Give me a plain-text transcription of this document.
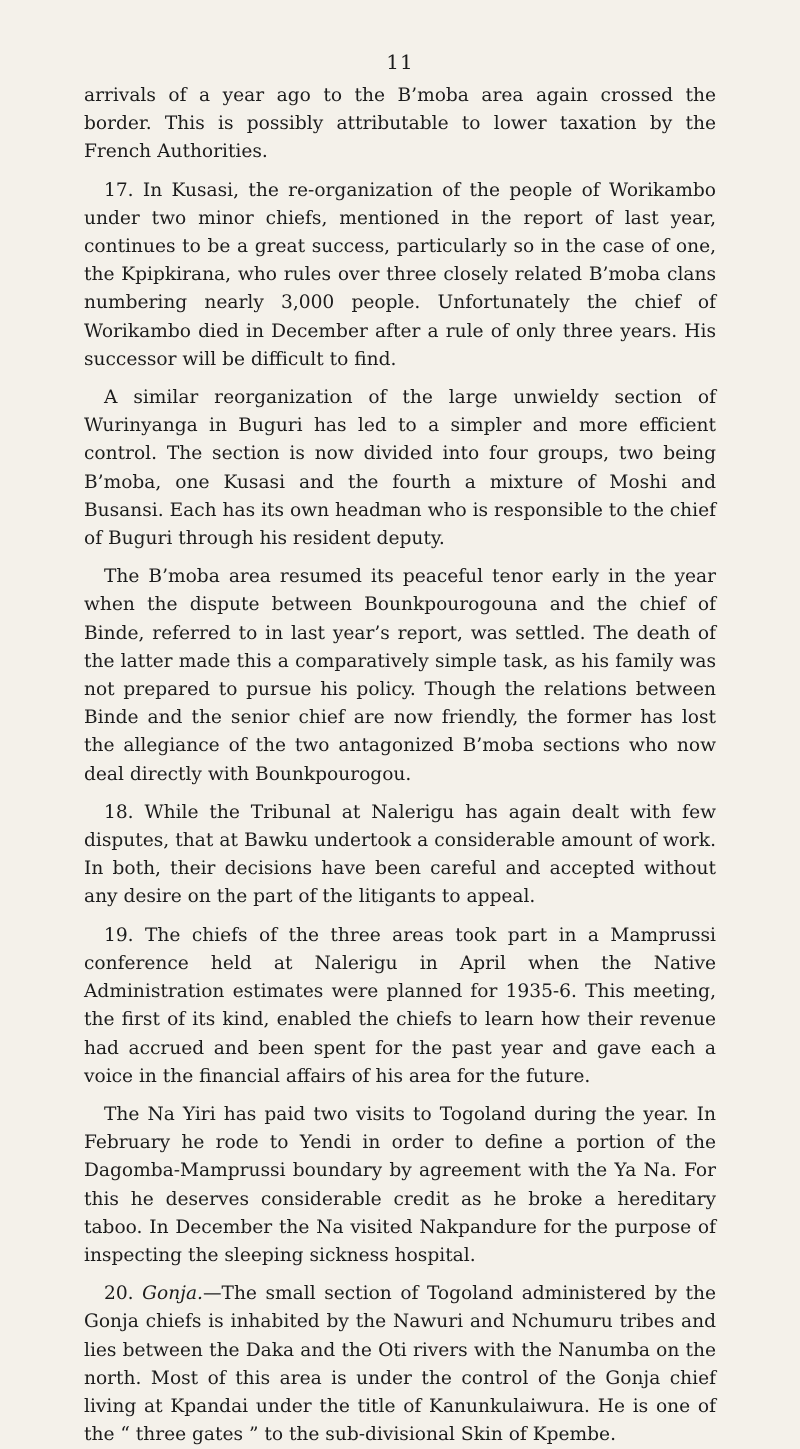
11

arrivals of a year ago to the B’moba area again crossed the border. This is possibly attributable to lower taxation by the French Authorities.

17. In Kusasi, the re-organization of the people of Worikambo under two minor chiefs, mentioned in the report of last year, continues to be a great success, particularly so in the case of one, the Kpipkirana, who rules over three closely related B’moba clans numbering nearly 3,000 people. Unfortunately the chief of Worikambo died in December after a rule of only three years. His successor will be difficult to find.

A similar reorganization of the large unwieldy section of Wurinyanga in Buguri has led to a simpler and more efficient control. The section is now divided into four groups, two being B’moba, one Kusasi and the fourth a mixture of Moshi and Busansi. Each has its own headman who is responsible to the chief of Buguri through his resident deputy.

The B’moba area resumed its peaceful tenor early in the year when the dispute between Bounkpourogouna and the chief of Binde, referred to in last year’s report, was settled. The death of the latter made this a comparatively simple task, as his family was not prepared to pursue his policy. Though the relations between Binde and the senior chief are now friendly, the former has lost the allegiance of the two antagonized B’moba sections who now deal directly with Bounkpourogou.

18. While the Tribunal at Nalerigu has again dealt with few disputes, that at Bawku undertook a considerable amount of work. In both, their decisions have been careful and accepted without any desire on the part of the litigants to appeal.

19. The chiefs of the three areas took part in a Mamprussi conference held at Nalerigu in April when the Native Administration estimates were planned for 1935-6. This meeting, the first of its kind, enabled the chiefs to learn how their revenue had accrued and been spent for the past year and gave each a voice in the financial affairs of his area for the future.

The Na Yiri has paid two visits to Togoland during the year. In February he rode to Yendi in order to define a portion of the Dagomba-Mamprussi boundary by agreement with the Ya Na. For this he deserves considerable credit as he broke a hereditary taboo. In December the Na visited Nakpandure for the purpose of inspecting the sleeping sickness hospital.

20. Gonja.—The small section of Togoland administered by the Gonja chiefs is inhabited by the Nawuri and Nchumuru tribes and lies between the Daka and the Oti rivers with the Nanumba on the north. Most of this area is under the control of the Gonja chief living at Kpandai under the title of Kanunkulaiwura. He is one of the “ three gates ” to the sub-divisional Skin of Kpembe.
